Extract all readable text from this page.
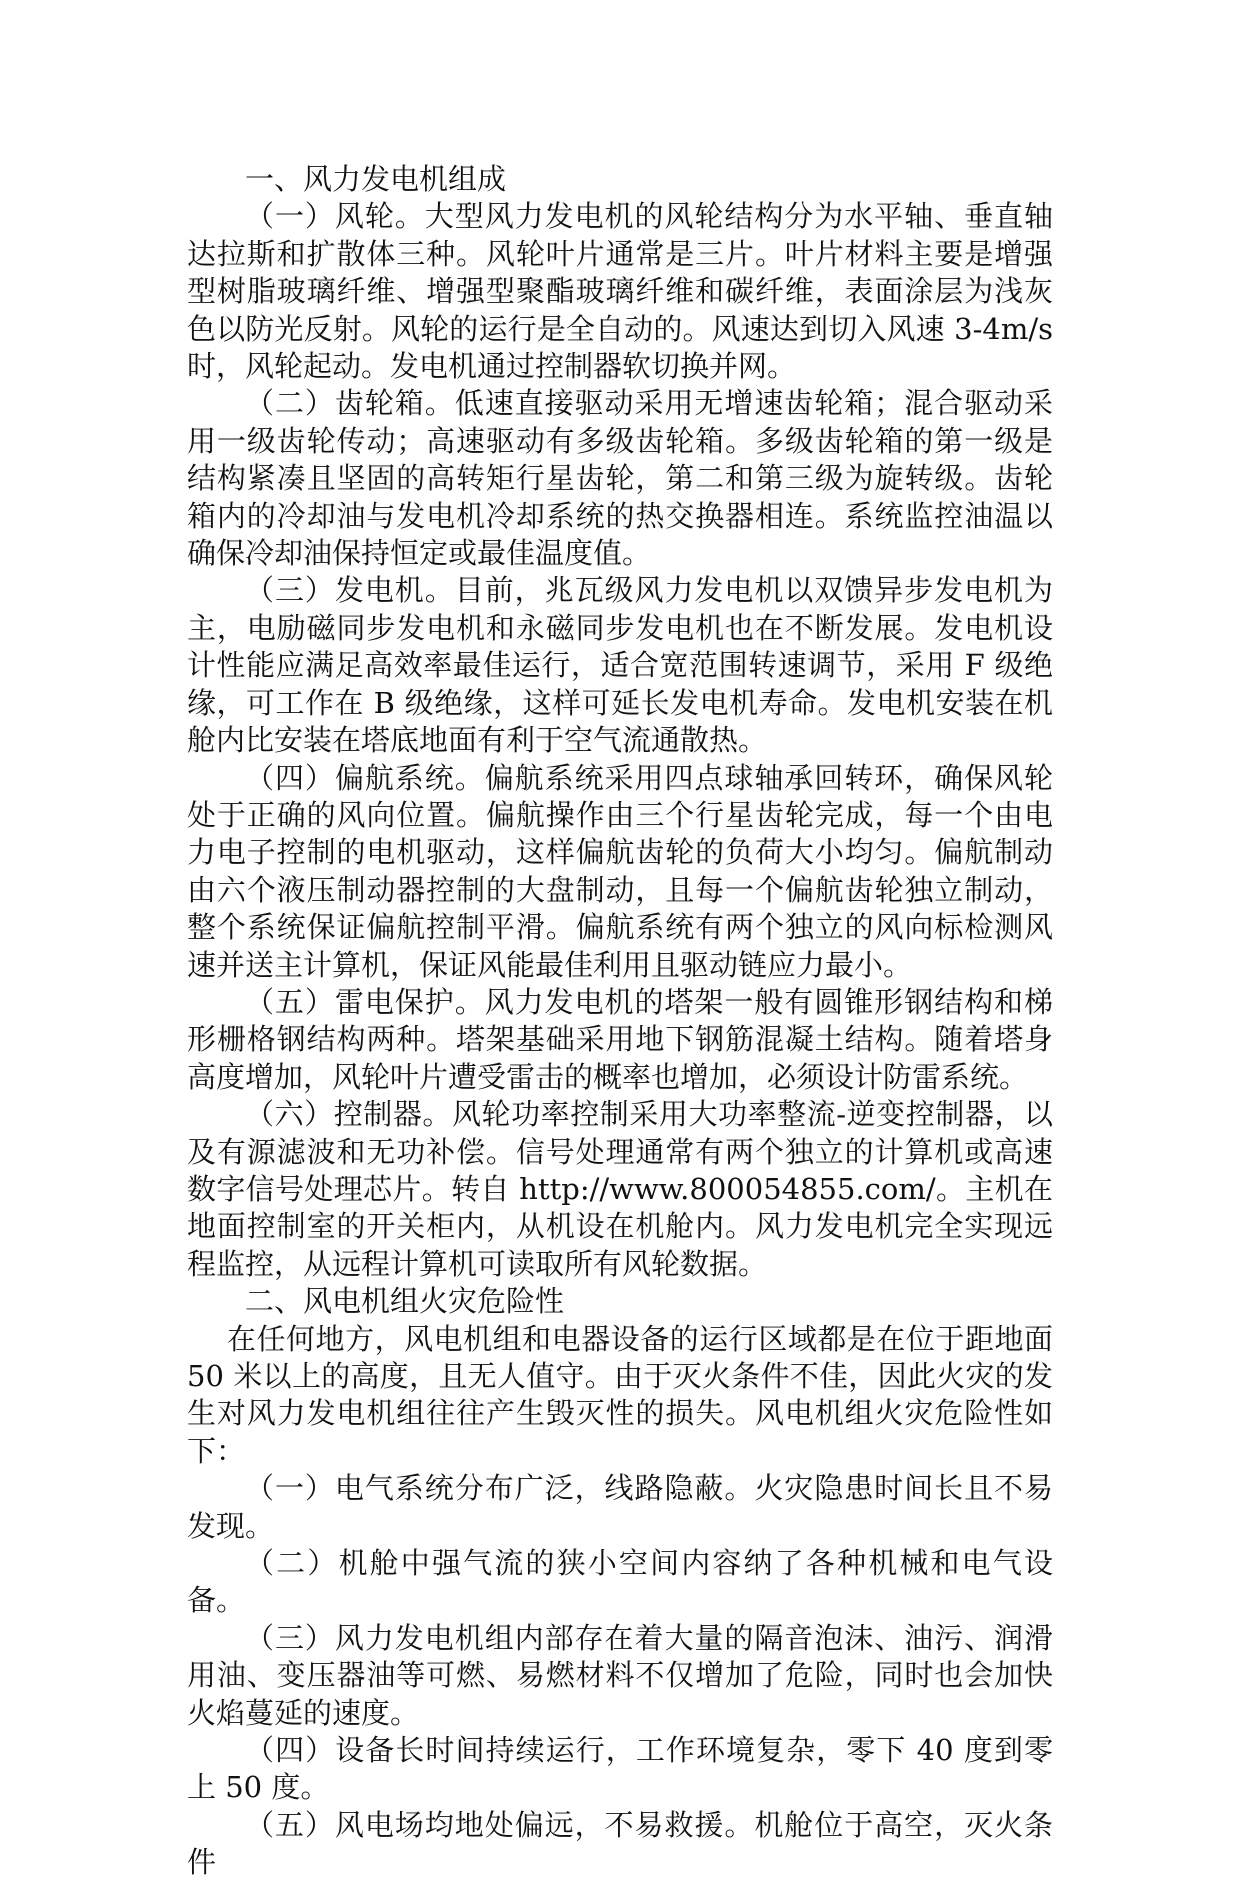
一、风力发电机组成

（一）风轮。大型风力发电机的风轮结构分为水平轴、垂直轴达拉斯和扩散体三种。风轮叶片通常是三片。叶片材料主要是增强型树脂玻璃纤维、增强型聚酯玻璃纤维和碳纤维，表面涂层为浅灰色以防光反射。风轮的运行是全自动的。风速达到切入风速 3-4m/s 时，风轮起动。发电机通过控制器软切换并网。

（二）齿轮箱。低速直接驱动采用无增速齿轮箱；混合驱动采用一级齿轮传动；高速驱动有多级齿轮箱。多级齿轮箱的第一级是结构紧凑且坚固的高转矩行星齿轮，第二和第三级为旋转级。齿轮箱内的冷却油与发电机冷却系统的热交换器相连。系统监控油温以确保冷却油保持恒定或最佳温度值。

（三）发电机。目前，兆瓦级风力发电机以双馈异步发电机为主，电励磁同步发电机和永磁同步发电机也在不断发展。发电机设计性能应满足高效率最佳运行，适合宽范围转速调节，采用 F 级绝缘，可工作在 B 级绝缘，这样可延长发电机寿命。发电机安装在机舱内比安装在塔底地面有利于空气流通散热。

（四）偏航系统。偏航系统采用四点球轴承回转环，确保风轮处于正确的风向位置。偏航操作由三个行星齿轮完成，每一个由电力电子控制的电机驱动，这样偏航齿轮的负荷大小均匀。偏航制动由六个液压制动器控制的大盘制动，且每一个偏航齿轮独立制动，整个系统保证偏航控制平滑。偏航系统有两个独立的风向标检测风速并送主计算机，保证风能最佳利用且驱动链应力最小。

（五）雷电保护。风力发电机的塔架一般有圆锥形钢结构和梯形栅格钢结构两种。塔架基础采用地下钢筋混凝土结构。随着塔身高度增加，风轮叶片遭受雷击的概率也增加，必须设计防雷系统。

（六）控制器。风轮功率控制采用大功率整流-逆变控制器，以及有源滤波和无功补偿。信号处理通常有两个独立的计算机或高速数字信号处理芯片。转自 http://www.800054855.com/。主机在地面控制室的开关柜内，从机设在机舱内。风力发电机完全实现远程监控，从远程计算机可读取所有风轮数据。

二、风电机组火灾危险性

在任何地方，风电机组和电器设备的运行区域都是在位于距地面 50 米以上的高度，且无人值守。由于灭火条件不佳，因此火灾的发生对风力发电机组往往产生毁灭性的损失。风电机组火灾危险性如下：

（一）电气系统分布广泛，线路隐蔽。火灾隐患时间长且不易发现。

（二）机舱中强气流的狭小空间内容纳了各种机械和电气设备。

（三）风力发电机组内部存在着大量的隔音泡沫、油污、润滑用油、变压器油等可燃、易燃材料不仅增加了危险，同时也会加快火焰蔓延的速度。

（四）设备长时间持续运行，工作环境复杂，零下 40 度到零上 50 度。

（五）风电场均地处偏远，不易救援。机舱位于高空，灭火条件
